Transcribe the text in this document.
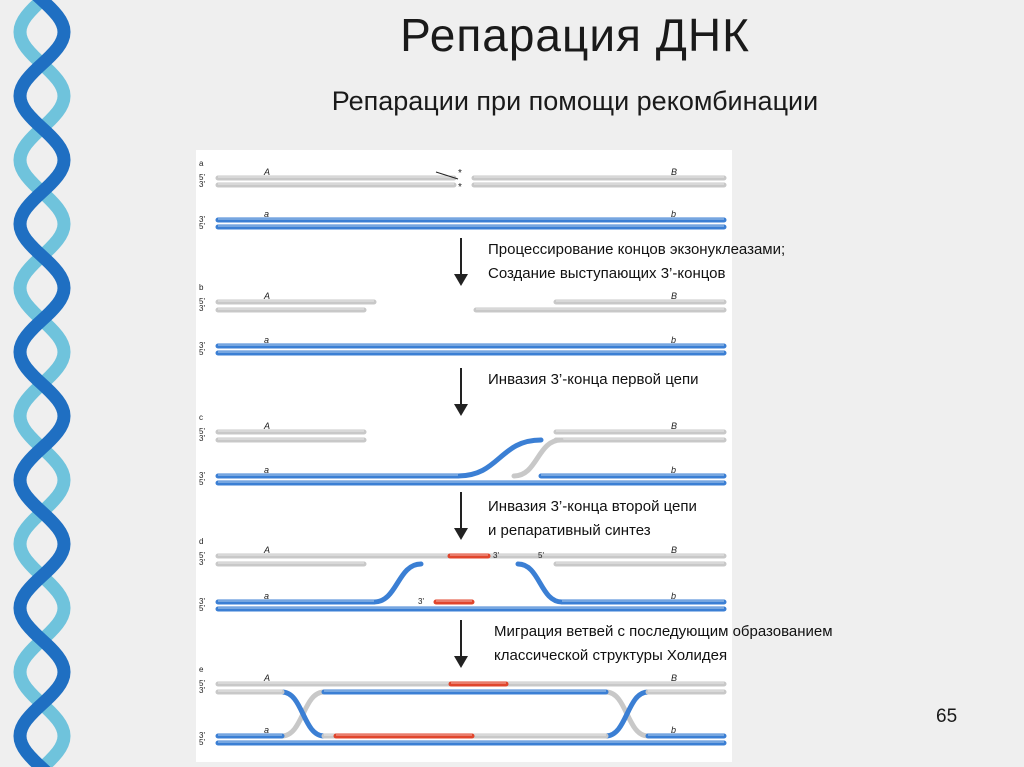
Репарация ДНК
Репарации при помощи рекомбинации
a
5'
3'
3'
5'
A	B
a	b
b
5'
3'
3'
5'
A	B
a	b
c
5'
3'
3'
5'
A	B
a	b
d
5'
3'
3'
5'
A	B
a	b
e
5'
3'
3'
5'
A	B
a	b
*
*
3'	5'
3'
Процессирование концов экзонуклеазами;
Создание выступающих 3’-концов
Инвазия 3’-конца первой цепи
Инвазия 3’-конца второй цепи
и репаративный синтез
Миграция ветвей с последующим образованием
классической структуры Холидея
65
